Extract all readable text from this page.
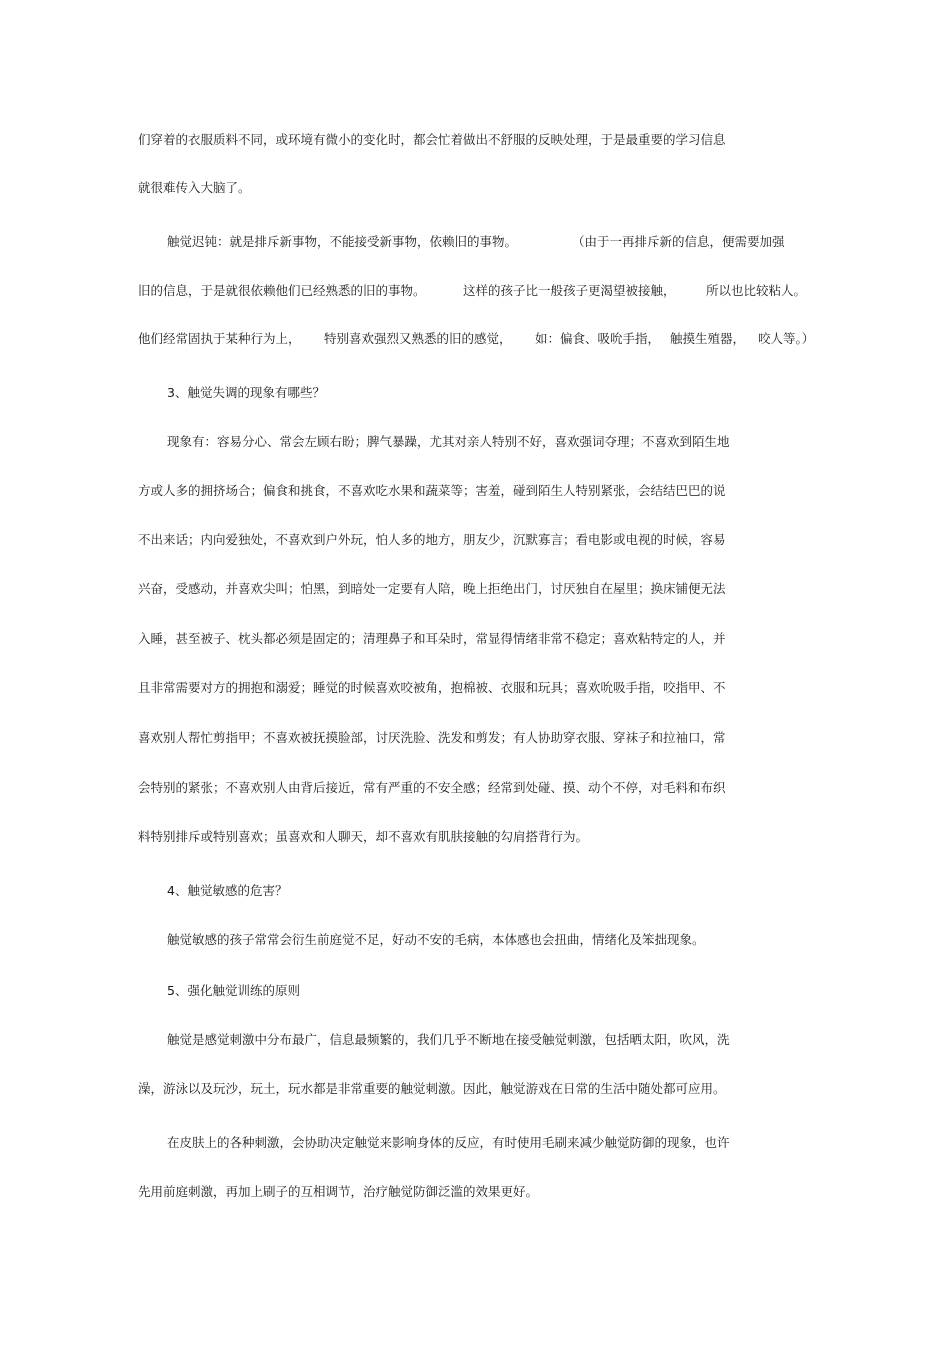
们穿着的衣服质料不同，或环境有微小的变化时，都会忙着做出不舒服的反映处理，于是最重要的学习信息
就很难传入大脑了。
触觉迟钝：就是排斥新事物，不能接受新事物，依赖旧的事物。	（由于一再排斥新的信息，便需要加强
旧的信息，于是就很依赖他们已经熟悉的旧的事物。	这样的孩子比一般孩子更渴望被接触， 所以也比较粘人。
他们经常固执于某种行为上， 特别喜欢强烈又熟悉的旧的感觉， 如：偏食、吸吮手指， 触摸生殖器， 咬人等。）
3、触觉失调的现象有哪些？
现象有：容易分心、常会左顾右盼；脾气暴躁，尤其对亲人特别不好，喜欢强词夺理；不喜欢到陌生地
方或人多的拥挤场合；偏食和挑食，不喜欢吃水果和蔬菜等；害羞，碰到陌生人特别紧张，会结结巴巴的说
不出来话；内向爱独处，不喜欢到户外玩，怕人多的地方，朋友少，沉默寡言；看电影或电视的时候，容易
兴奋，受感动，并喜欢尖叫；怕黑，到暗处一定要有人陪，晚上拒绝出门，讨厌独自在屋里；换床铺便无法
入睡，甚至被子、枕头都必须是固定的；清理鼻子和耳朵时，常显得情绪非常不稳定；喜欢粘特定的人，并
且非常需要对方的拥抱和溺爱；睡觉的时候喜欢咬被角，抱棉被、衣服和玩具；喜欢吮吸手指，咬指甲、不
喜欢别人帮忙剪指甲；不喜欢被抚摸脸部，讨厌洗脸、洗发和剪发；有人协助穿衣服、穿袜子和拉袖口，常
会特别的紧张；不喜欢别人由背后接近，常有严重的不安全感；经常到处碰、摸、动个不停，对毛料和布织
料特别排斥或特别喜欢；虽喜欢和人聊天，却不喜欢有肌肤接触的勾肩搭背行为。
4、触觉敏感的危害？
触觉敏感的孩子常常会衍生前庭觉不足，好动不安的毛病，本体感也会扭曲，情绪化及笨拙现象。
5、强化触觉训练的原则
触觉是感觉刺激中分布最广，信息最频繁的，我们几乎不断地在接受触觉刺激，包括晒太阳，吹风，洗
澡，游泳以及玩沙，玩土，玩水都是非常重要的触觉刺激。因此，触觉游戏在日常的生活中随处都可应用。
在皮肤上的各种刺激，会协助决定触觉来影响身体的反应，有时使用毛刷来减少触觉防御的现象，也许
先用前庭刺激，再加上刷子的互相调节，治疗触觉防御泛滥的效果更好。
